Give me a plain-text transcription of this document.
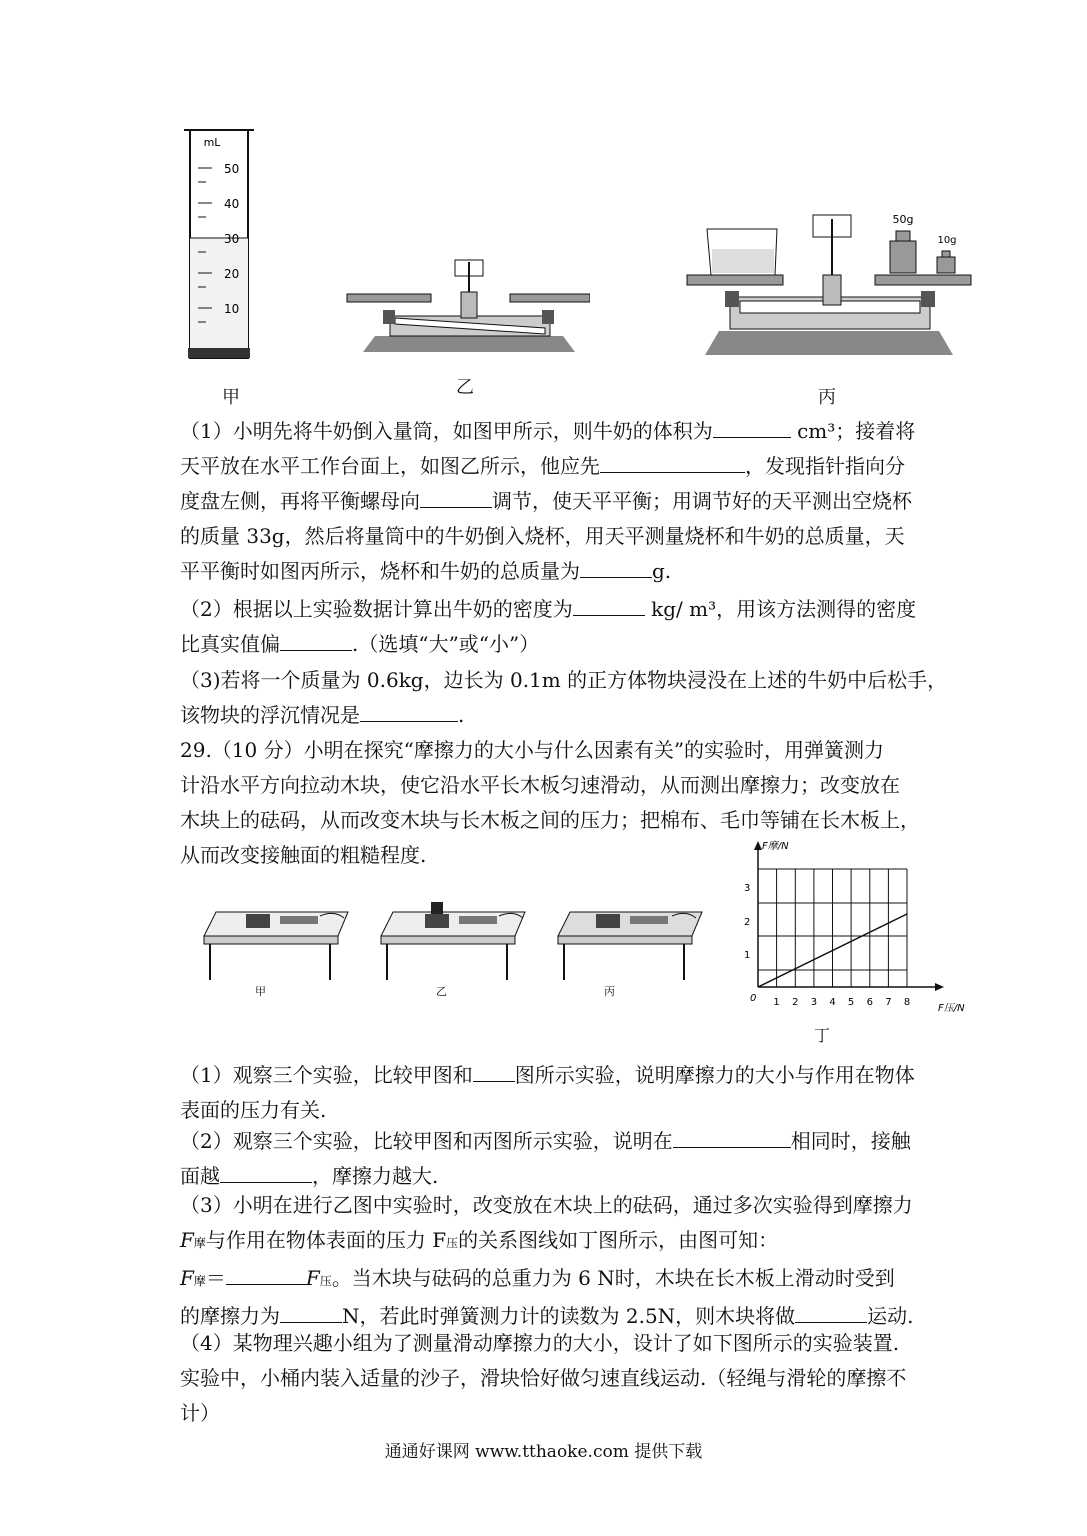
mL
50
40
30
20
10
甲	乙
50g
10g
丙
（1）小明先将牛奶倒入量筒，如图甲所示，则牛奶的体积为	cm³；接着将
天平放在水平工作台面上，如图乙所示，他应先	，发现指针指向分
度盘左侧，再将平衡螺母向	调节，使天平平衡；用调节好的天平测出空烧杯
的质量 33g，然后将量筒中的牛奶倒入烧杯，用天平测量烧杯和牛奶的总质量，天
平平衡时如图丙所示，烧杯和牛奶的总质量为	g.
（2）根据以上实验数据计算出牛奶的密度为	kg/ m³，用该方法测得的密度
比真实值偏	.（选填“大”或“小”）
（3)若将一个质量为 0.6kg，边长为 0.1m 的正方体物块浸没在上述的牛奶中后松手，
该物块的浮沉情况是	.
29.（10 分）小明在探究“摩擦力的大小与什么因素有关”的实验时，用弹簧测力
计沿水平方向拉动木块，使它沿水平长木板匀速滑动，从而测出摩擦力；改变放在
木块上的砝码，从而改变木块与长木板之间的压力；把棉布、毛巾等铺在长木板上，
从而改变接触面的粗糙程度.
甲	乙	丙
F摩/N
F压/N
0 1 2 3 4 5 6 7 8
1
2
3
丁
（1）观察三个实验，比较甲图和 图所示实验，说明摩擦力的大小与作用在物体
表面的压力有关.
（2）观察三个实验，比较甲图和丙图所示实验，说明在	相同时，接触
面越	，摩擦力越大.
（3）小明在进行乙图中实验时，改变放在木块上的砝码，通过多次实验得到摩擦力
F摩与作用在物体表面的压力 F压的关系图线如丁图所示，由图可知：
F摩＝	F压。当木块与砝码的总重力为 6 N时，木块在长木板上滑动时受到
的摩擦力为	N，若此时弹簧测力计的读数为 2.5N，则木块将做	运动.
（4）某物理兴趣小组为了测量滑动摩擦力的大小，设计了如下图所示的实验装置.
实验中，小桶内装入适量的沙子，滑块恰好做匀速直线运动.（轻绳与滑轮的摩擦不
计）
通通好课网 www.tthaoke.com 提供下载
